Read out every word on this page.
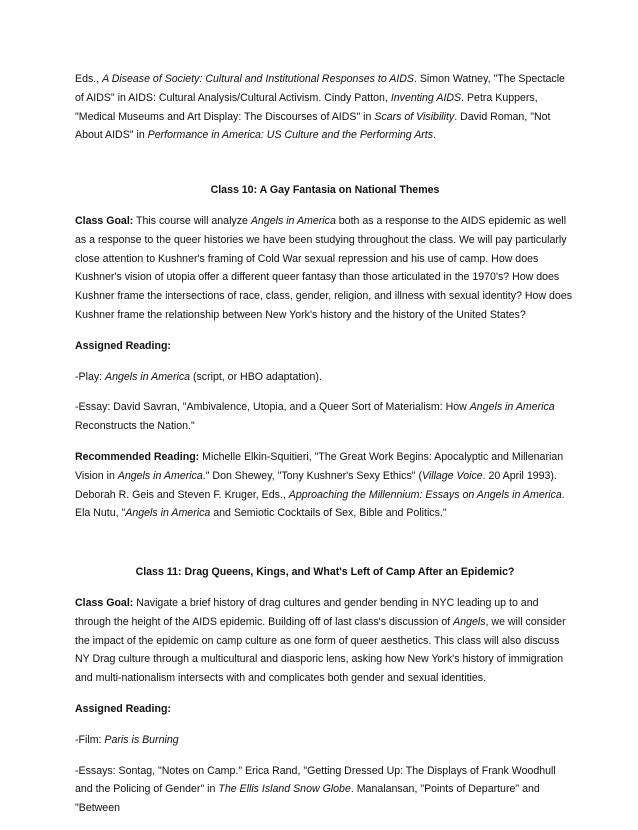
Eds., A Disease of Society: Cultural and Institutional Responses to AIDS. Simon Watney, "The Spectacle of AIDS" in AIDS: Cultural Analysis/Cultural Activism. Cindy Patton, Inventing AIDS. Petra Kuppers, "Medical Museums and Art Display: The Discourses of AIDS" in Scars of Visibility. David Roman, "Not About AIDS" in Performance in America: US Culture and the Performing Arts.

Class 10: A Gay Fantasia on National Themes

Class Goal: This course will analyze Angels in America both as a response to the AIDS epidemic as well as a response to the queer histories we have been studying throughout the class. We will pay particularly close attention to Kushner's framing of Cold War sexual repression and his use of camp. How does Kushner's vision of utopia offer a different queer fantasy than those articulated in the 1970's? How does Kushner frame the intersections of race, class, gender, religion, and illness with sexual identity? How does Kushner frame the relationship between New York's history and the history of the United States?

Assigned Reading:

-Play: Angels in America (script, or HBO adaptation).

-Essay: David Savran, "Ambivalence, Utopia, and a Queer Sort of Materialism: How Angels in America Reconstructs the Nation."

Recommended Reading: Michelle Elkin-Squitieri, "The Great Work Begins: Apocalyptic and Millenarian Vision in Angels in America." Don Shewey, "Tony Kushner's Sexy Ethics" (Village Voice. 20 April 1993). Deborah R. Geis and Steven F. Kruger, Eds., Approaching the Millennium: Essays on Angels in America. Ela Nutu, "Angels in America and Semiotic Cocktails of Sex, Bible and Politics."

Class 11: Drag Queens, Kings, and What's Left of Camp After an Epidemic?

Class Goal: Navigate a brief history of drag cultures and gender bending in NYC leading up to and through the height of the AIDS epidemic. Building off of last class's discussion of Angels, we will consider the impact of the epidemic on camp culture as one form of queer aesthetics. This class will also discuss NY Drag culture through a multicultural and diasporic lens, asking how New York's history of immigration and multi-nationalism intersects with and complicates both gender and sexual identities.

Assigned Reading:

-Film: Paris is Burning

-Essays: Sontag, "Notes on Camp." Erica Rand, "Getting Dressed Up: The Displays of Frank Woodhull and the Policing of Gender" in The Ellis Island Snow Globe. Manalansan, "Points of Departure" and "Between
